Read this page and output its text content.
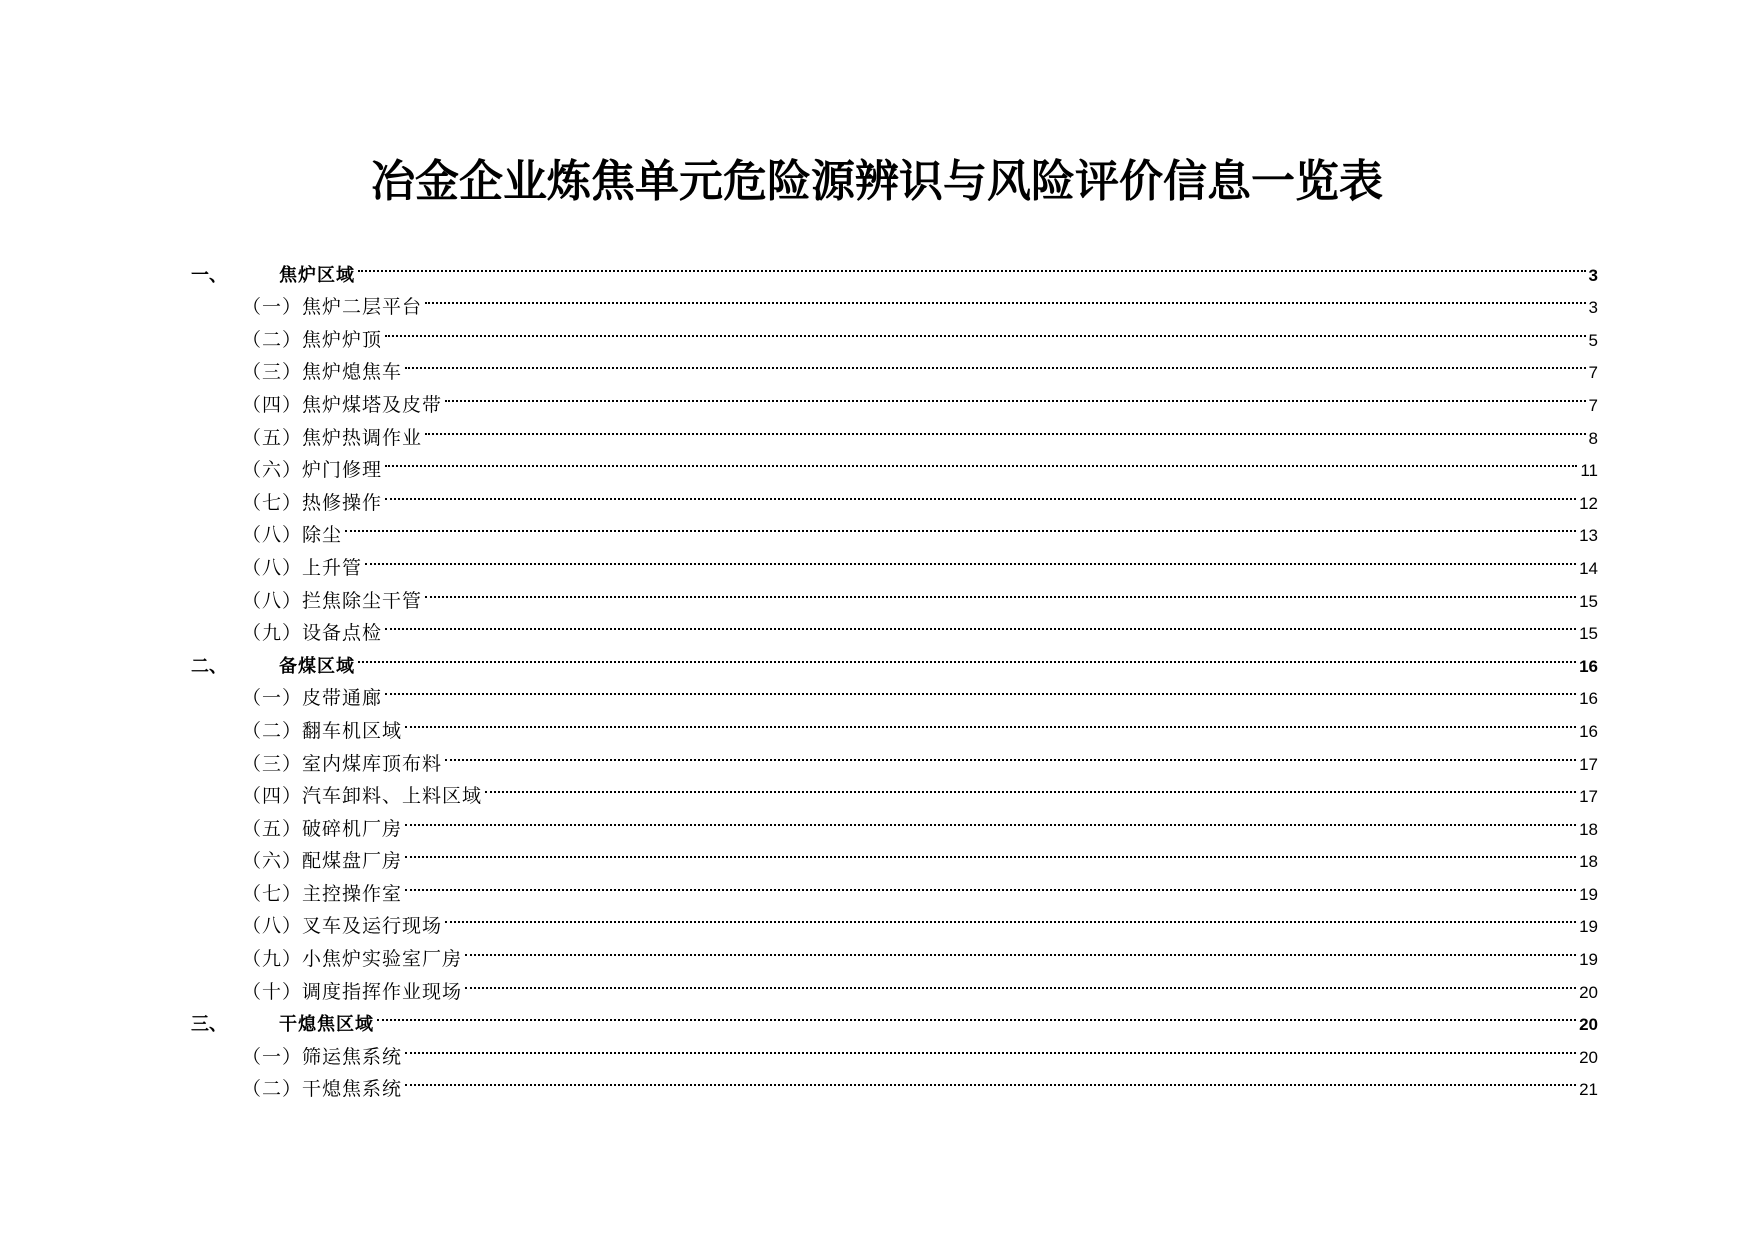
冶金企业炼焦单元危险源辨识与风险评价信息一览表
一、	焦炉区域	3
（一） 焦炉二层平台	3
（二） 焦炉炉顶	5
（三） 焦炉熄焦车	7
（四） 焦炉煤塔及皮带	7
（五） 焦炉热调作业	8
（六） 炉门修理	11
（七） 热修操作	12
（八） 除尘	13
（八） 上升管	14
（八） 拦焦除尘干管	15
（九） 设备点检	15
二、	备煤区域	16
（一） 皮带通廊	16
（二） 翻车机区域	16
（三） 室内煤库顶布料	17
（四） 汽车卸料、上料区域	17
（五） 破碎机厂房	18
（六） 配煤盘厂房	18
（七） 主控操作室	19
（八） 叉车及运行现场	19
（九） 小焦炉实验室厂房	19
（十） 调度指挥作业现场	20
三、	干熄焦区域	20
（一） 筛运焦系统	20
（二） 干熄焦系统	21
